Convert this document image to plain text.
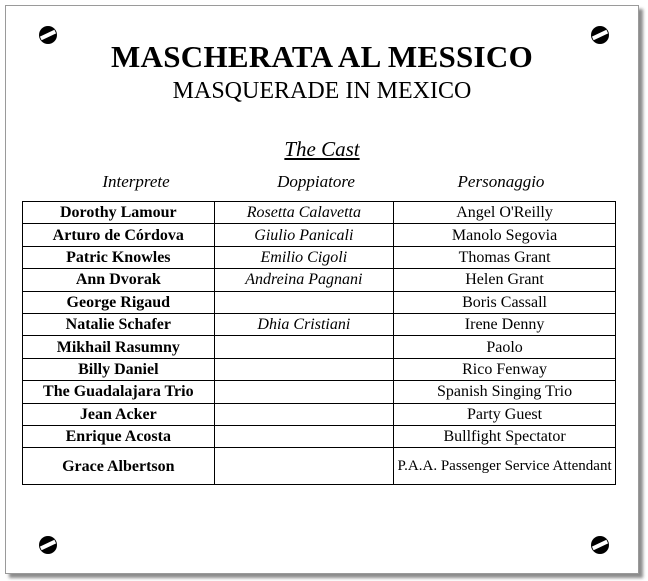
MASCHERATA AL MESSICO
MASQUERADE IN MEXICO
The Cast
Interprete	Doppiatore	Personaggio
Dorothy Lamour	Rosetta Calavetta	Angel O'Reilly
Arturo de Córdova	Giulio Panicali	Manolo Segovia
Patric Knowles	Emilio Cigoli	Thomas Grant
Ann Dvorak	Andreina Pagnani	Helen Grant
George Rigaud		Boris Cassall
Natalie Schafer	Dhia Cristiani	Irene Denny
Mikhail Rasumny		Paolo
Billy Daniel		Rico Fenway
The Guadalajara Trio		Spanish Singing Trio
Jean Acker		Party Guest
Enrique Acosta		Bullfight Spectator
Grace Albertson		P.A.A. Passenger Service Attendant
